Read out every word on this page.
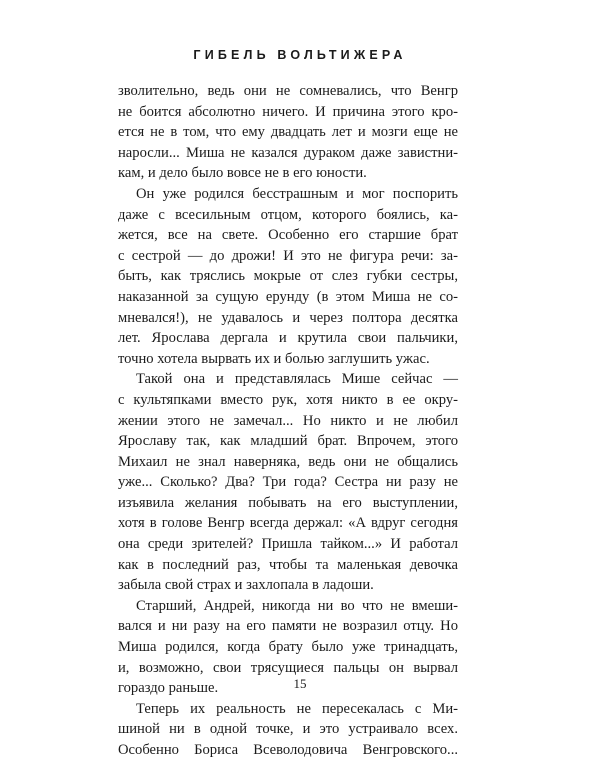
ГИБЕЛЬ ВОЛЬТИЖЕРА
зволительно, ведь они не сомневались, что Венгр
не боится абсолютно ничего. И причина этого кро-
ется не в том, что ему двадцать лет и мозги еще не
наросли... Миша не казался дураком даже завистни-
кам, и дело было вовсе не в его юности.
Он уже родился бесстрашным и мог поспорить
даже с всесильным отцом, которого боялись, ка-
жется, все на свете. Особенно его старшие брат
с сестрой — до дрожи! И это не фигура речи: за-
быть, как тряслись мокрые от слез губки сестры,
наказанной за сущую ерунду (в этом Миша не со-
мневался!), не удавалось и через полтора десятка
лет. Ярослава дергала и крутила свои пальчики,
точно хотела вырвать их и болью заглушить ужас.
Такой она и представлялась Мише сейчас —
с культяпками вместо рук, хотя никто в ее окру-
жении этого не замечал... Но никто и не любил
Ярославу так, как младший брат. Впрочем, этого
Михаил не знал наверняка, ведь они не общались
уже... Сколько? Два? Три года? Сестра ни разу не
изъявила желания побывать на его выступлении,
хотя в голове Венгр всегда держал: «А вдруг сегодня
она среди зрителей? Пришла тайком...» И работал
как в последний раз, чтобы та маленькая девочка
забыла свой страх и захлопала в ладоши.
Старший, Андрей, никогда ни во что не вмеши-
вался и ни разу на его памяти не возразил отцу. Но
Миша родился, когда брату было уже тринадцать,
и, возможно, свои трясущиеся пальцы он вырвал
гораздо раньше.
Теперь их реальность не пересекалась с Ми-
шиной ни в одной точке, и это устраивало всех.
Особенно Бориса Всеволодовича Венгровского...
15
